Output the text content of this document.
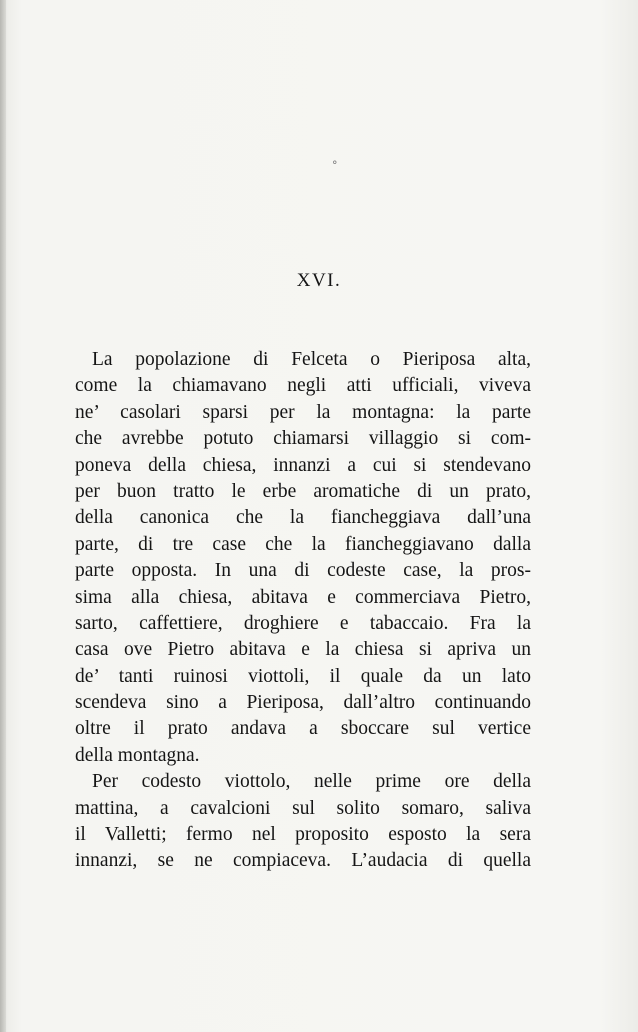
°
XVI.

La popolazione di Felceta o Pieriposa alta,
come la chiamavano negli atti ufficiali, viveva
ne’ casolari sparsi per la montagna: la parte
che avrebbe potuto chiamarsi villaggio si com-
poneva della chiesa, innanzi a cui si stendevano
per buon tratto le erbe aromatiche di un prato,
della canonica che la fiancheggiava dall’una
parte, di tre case che la fiancheggiavano dalla
parte opposta. In una di codeste case, la pros-
sima alla chiesa, abitava e commerciava Pietro,
sarto, caffettiere, droghiere e tabaccaio. Fra la
casa ove Pietro abitava e la chiesa si apriva un
de’ tanti ruinosi viottoli, il quale da un lato
scendeva sino a Pieriposa, dall’altro continuando
oltre il prato andava a sboccare sul vertice
della montagna.

Per codesto viottolo, nelle prime ore della
mattina, a cavalcioni sul solito somaro, saliva
il Valletti; fermo nel proposito esposto la sera
innanzi, se ne compiaceva. L’audacia di quella
